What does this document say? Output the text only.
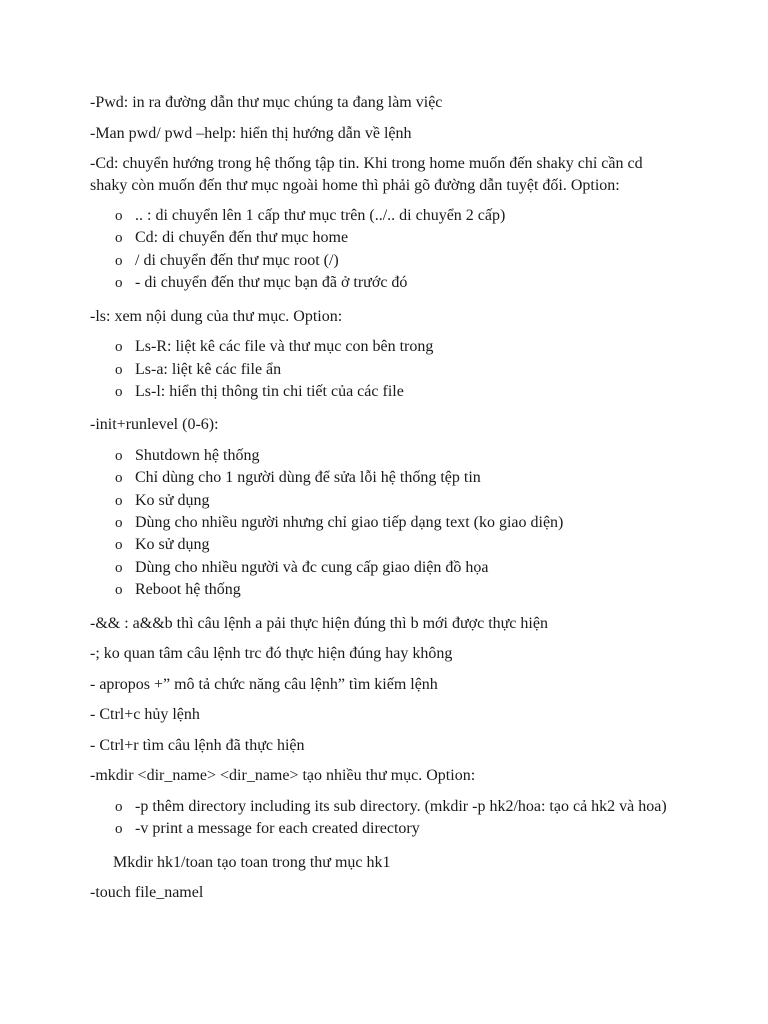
-Pwd: in ra đường dẫn thư mục chúng ta đang làm việc

-Man pwd/ pwd –help: hiển thị hướng dẫn về lệnh

-Cd: chuyển hướng trong hệ thống tập tin. Khi trong home muốn đến shaky chỉ cần cd shaky còn muốn đến thư mục ngoài home thì phải gõ đường dẫn tuyệt đối. Option:

o .. : di chuyển lên 1 cấp thư mục trên (../.. di chuyển 2 cấp)
o Cd: di chuyển đến thư mục home
o / di chuyển đến thư mục root (/)
o - di chuyển đến thư mục bạn đã ở trước đó

-ls: xem nội dung của thư mục. Option:

o Ls-R: liệt kê các file và thư mục con bên trong
o Ls-a: liệt kê các file ẩn
o Ls-l: hiển thị thông tin chi tiết của các file

-init+runlevel (0-6):

o Shutdown hệ thống
o Chỉ dùng cho 1 người dùng để sửa lỗi hệ thống tệp tin
o Ko sử dụng
o Dùng cho nhiều người nhưng chỉ giao tiếp dạng text (ko giao diện)
o Ko sử dụng
o Dùng cho nhiều người và đc cung cấp giao diện đồ họa
o Reboot hệ thống

-&& : a&&b thì câu lệnh a pải thực hiện đúng thì b mới được thực hiện

-; ko quan tâm câu lệnh trc đó thực hiện đúng hay không

- apropos +” mô tả chức năng câu lệnh” tìm kiếm lệnh

- Ctrl+c hủy lệnh

- Ctrl+r tìm câu lệnh đã thực hiện

-mkdir <dir_name> <dir_name> tạo nhiều thư mục. Option:

o -p thêm directory including its sub directory. (mkdir -p hk2/hoa: tạo cả hk2 và hoa)
o -v print a message for each created directory

Mkdir hk1/toan tạo toan trong thư mục hk1

-touch file_namel
